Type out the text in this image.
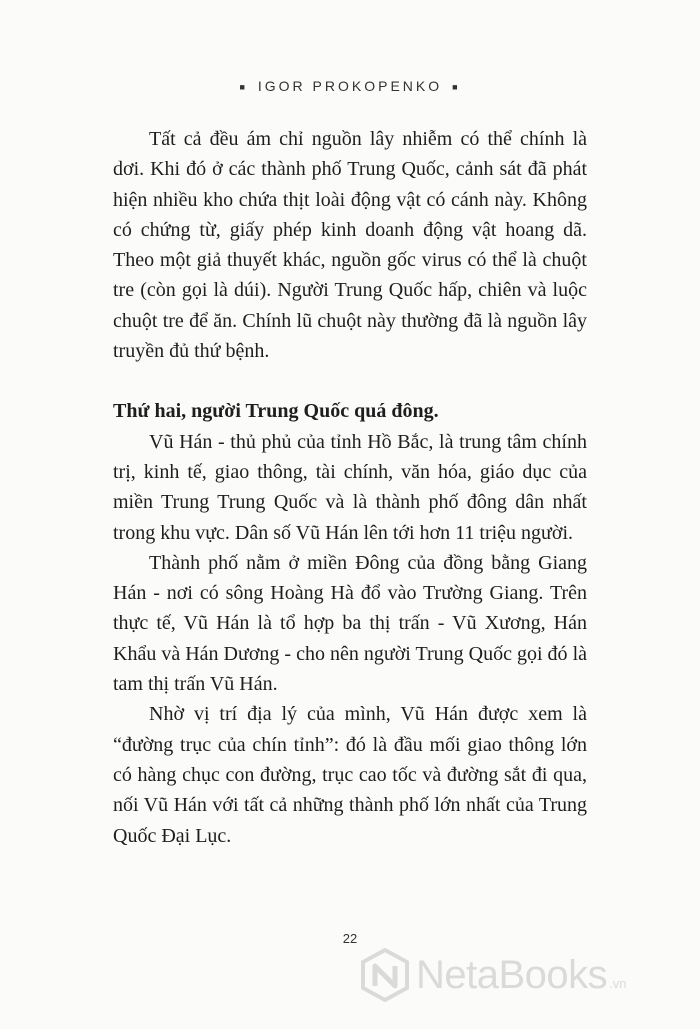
■ IGOR PROKOPENKO ■

Tất cả đều ám chỉ nguồn lây nhiễm có thể chính là dơi. Khi đó ở các thành phố Trung Quốc, cảnh sát đã phát hiện nhiều kho chứa thịt loài động vật có cánh này. Không có chứng từ, giấy phép kinh doanh động vật hoang dã. Theo một giả thuyết khác, nguồn gốc virus có thể là chuột tre (còn gọi là dúi). Người Trung Quốc hấp, chiên và luộc chuột tre để ăn. Chính lũ chuột này thường đã là nguồn lây truyền đủ thứ bệnh.

Thứ hai, người Trung Quốc quá đông.

Vũ Hán - thủ phủ của tỉnh Hồ Bắc, là trung tâm chính trị, kinh tế, giao thông, tài chính, văn hóa, giáo dục của miền Trung Trung Quốc và là thành phố đông dân nhất trong khu vực. Dân số Vũ Hán lên tới hơn 11 triệu người.

Thành phố nằm ở miền Đông của đồng bằng Giang Hán - nơi có sông Hoàng Hà đổ vào Trường Giang. Trên thực tế, Vũ Hán là tổ hợp ba thị trấn - Vũ Xương, Hán Khẩu và Hán Dương - cho nên người Trung Quốc gọi đó là tam thị trấn Vũ Hán.

Nhờ vị trí địa lý của mình, Vũ Hán được xem là “đường trục của chín tỉnh”: đó là đầu mối giao thông lớn có hàng chục con đường, trục cao tốc và đường sắt đi qua, nối Vũ Hán với tất cả những thành phố lớn nhất của Trung Quốc Đại Lục.

22
NetaBooks .vn
